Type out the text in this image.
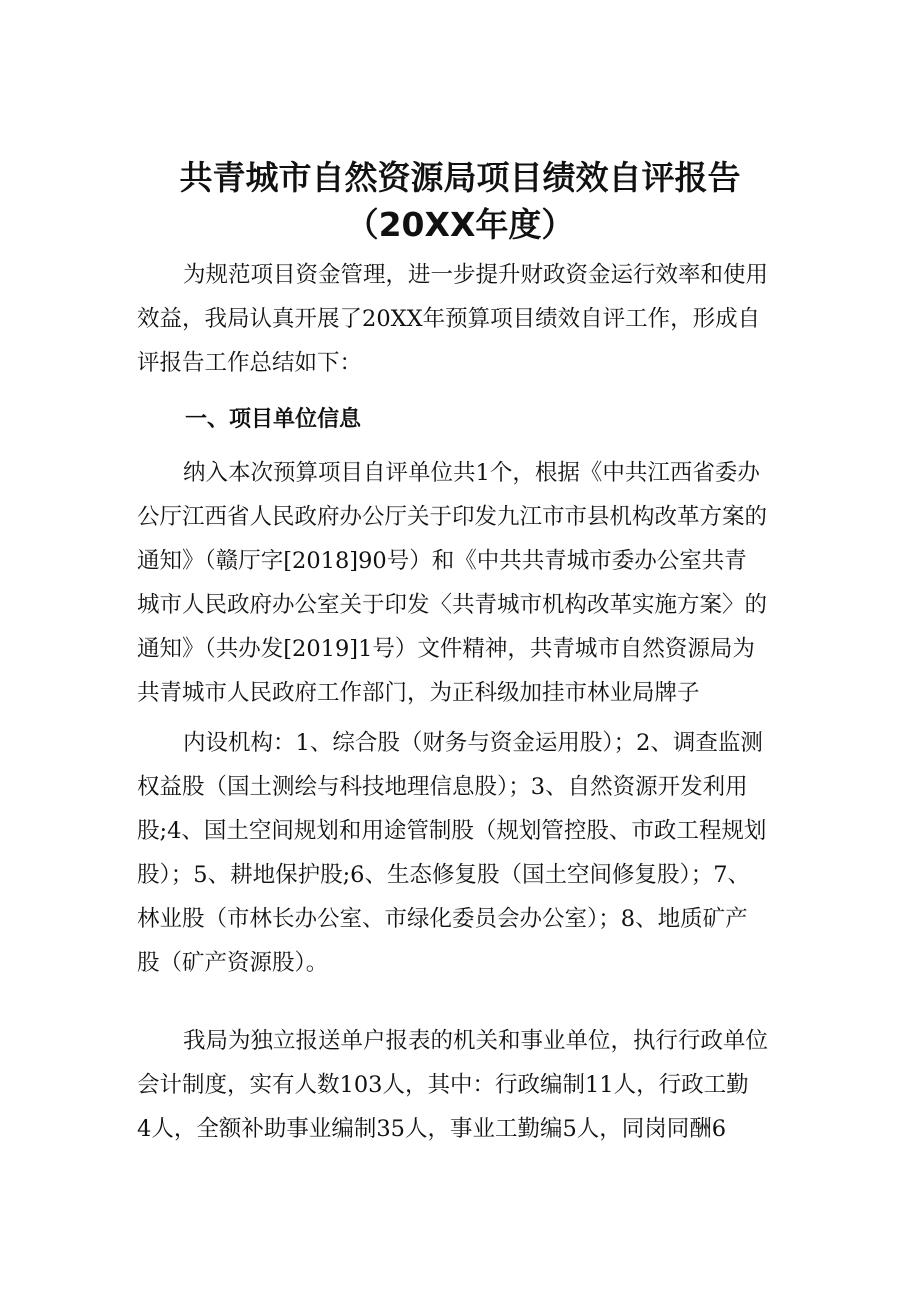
共青城市自然资源局项目绩效自评报告
（20XX年度）
为规范项目资金管理，进一步提升财政资金运行效率和使用
效益，我局认真开展了20XX年预算项目绩效自评工作，形成自
评报告工作总结如下：
一、项目单位信息
纳入本次预算项目自评单位共1个，根据《中共江西省委办
公厅江西省人民政府办公厅关于印发九江市市县机构改革方案的
通知》（赣厅字[2018]90号）和《中共共青城市委办公室共青
城市人民政府办公室关于印发〈共青城市机构改革实施方案〉的
通知》（共办发[2019]1号）文件精神，共青城市自然资源局为
共青城市人民政府工作部门，为正科级加挂市林业局牌子
内设机构：1、综合股（财务与资金运用股）；2、调查监测
权益股（国土测绘与科技地理信息股）；3、自然资源开发利用
股;4、国土空间规划和用途管制股（规划管控股、市政工程规划
股）；5、耕地保护股;6、生态修复股（国土空间修复股）；7、
林业股（市林长办公室、市绿化委员会办公室）；8、地质矿产
股（矿产资源股）。
我局为独立报送单户报表的机关和事业单位，执行行政单位
会计制度，实有人数103人，其中：行政编制11人，行政工勤
4人，全额补助事业编制35人，事业工勤编5人，同岗同酬6
